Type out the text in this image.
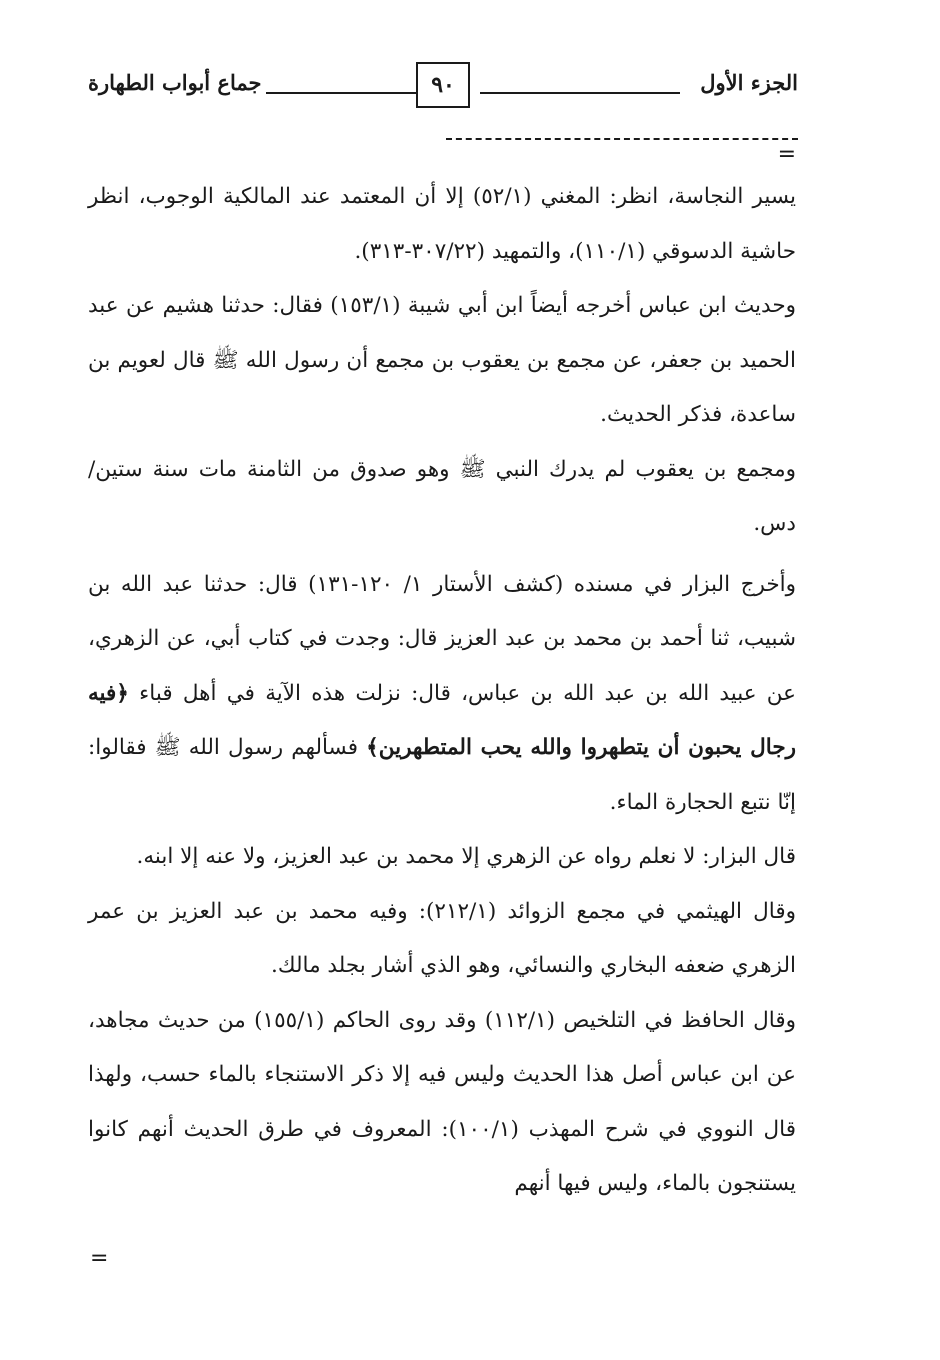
الجزء الأول
٩٠
جماع أبواب الطهارة
=

يسير النجاسة، انظر: المغني (٥٢/١) إلا أن المعتمد عند المالكية الوجوب، انظر حاشية الدسوقي (١١٠/١)، والتمهيد (٣٠٧/٢٢-٣١٣).

وحديث ابن عباس أخرجه أيضاً ابن أبي شيبة (١٥٣/١) فقال: حدثنا هشيم عن عبد الحميد بن جعفر، عن مجمع بن يعقوب بن مجمع أن رسول الله ﷺ قال لعويم بن ساعدة، فذكر الحديث.

ومجمع بن يعقوب لم يدرك النبي ﷺ وهو صدوق من الثامنة مات سنة ستين/ دس.

وأخرج البزار في مسنده (كشف الأستار ١/ ١٢٠-١٣١) قال: حدثنا عبد الله بن شبيب، ثنا أحمد بن محمد بن عبد العزيز قال: وجدت في كتاب أبي، عن الزهري، عن عبيد الله بن عبد الله بن عباس، قال: نزلت هذه الآية في أهل قباء ﴿فيه رجال يحبون أن يتطهروا والله يحب المتطهرين﴾ فسألهم رسول الله ﷺ فقالوا: إنّا نتبع الحجارة الماء.

قال البزار: لا نعلم رواه عن الزهري إلا محمد بن عبد العزيز، ولا عنه إلا ابنه.

وقال الهيثمي في مجمع الزوائد (٢١٢/١): وفيه محمد بن عبد العزيز بن عمر الزهري ضعفه البخاري والنسائي، وهو الذي أشار بجلد مالك.

وقال الحافظ في التلخيص (١١٢/١) وقد روى الحاكم (١٥٥/١) من حديث مجاهد، عن ابن عباس أصل هذا الحديث وليس فيه إلا ذكر الاستنجاء بالماء حسب، ولهذا قال النووي في شرح المهذب (١٠٠/١): المعروف في طرق الحديث أنهم كانوا يستنجون بالماء، وليس فيها أنهم

=
